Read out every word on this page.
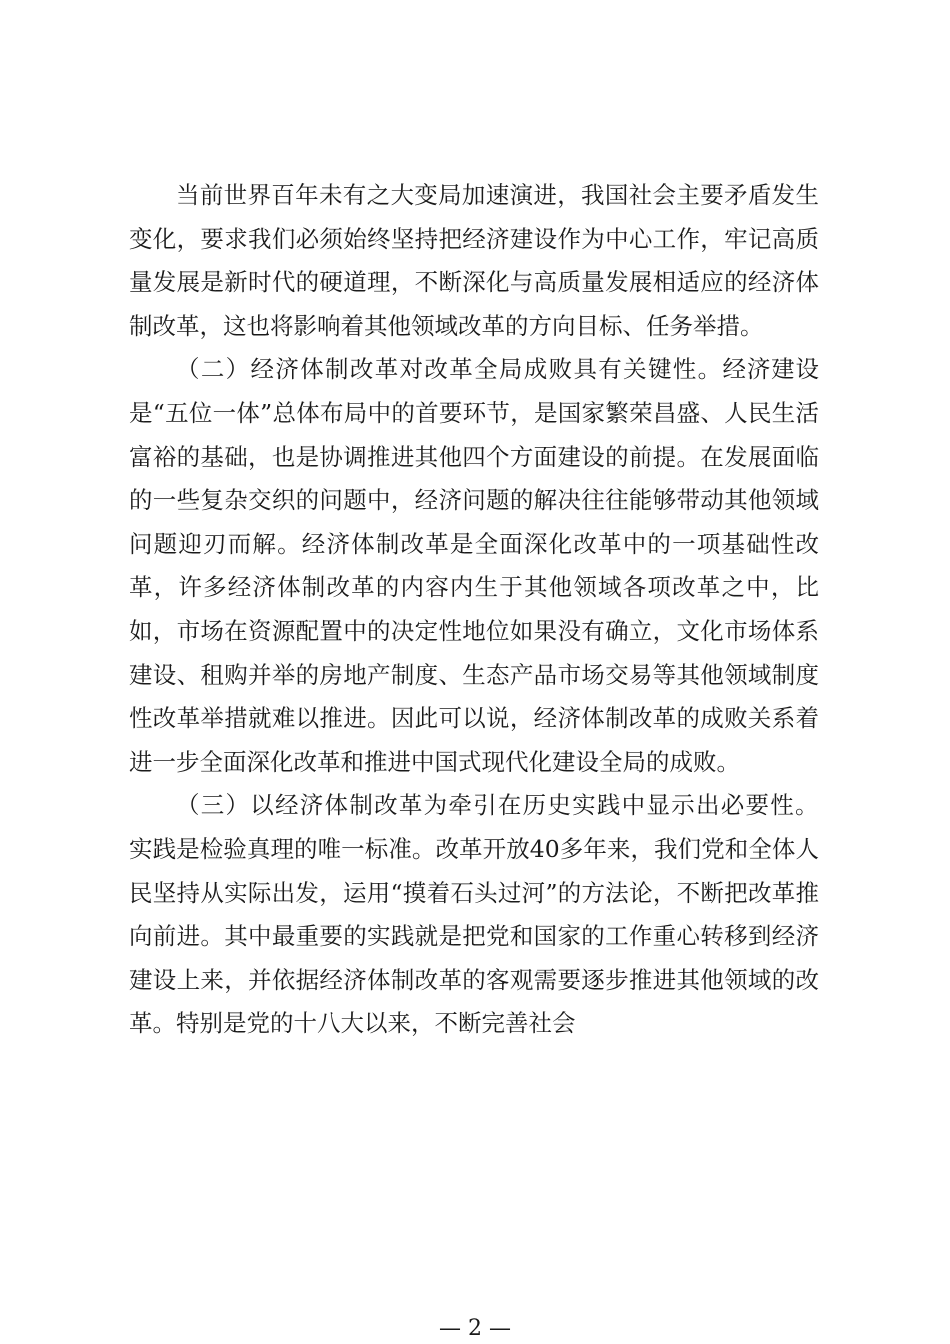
当前世界百年未有之大变局加速演进，我国社会主要矛盾发生变化，要求我们必须始终坚持把经济建设作为中心工作，牢记高质量发展是新时代的硬道理，不断深化与高质量发展相适应的经济体制改革，这也将影响着其他领域改革的方向目标、任务举措。

（二）经济体制改革对改革全局成败具有关键性。经济建设是“五位一体”总体布局中的首要环节，是国家繁荣昌盛、人民生活富裕的基础，也是协调推进其他四个方面建设的前提。在发展面临的一些复杂交织的问题中，经济问题的解决往往能够带动其他领域问题迎刃而解。经济体制改革是全面深化改革中的一项基础性改革，许多经济体制改革的内容内生于其他领域各项改革之中，比如，市场在资源配置中的决定性地位如果没有确立，文化市场体系建设、租购并举的房地产制度、生态产品市场交易等其他领域制度性改革举措就难以推进。因此可以说，经济体制改革的成败关系着进一步全面深化改革和推进中国式现代化建设全局的成败。

（三）以经济体制改革为牵引在历史实践中显示出必要性。实践是检验真理的唯一标准。改革开放40多年来，我们党和全体人民坚持从实际出发，运用“摸着石头过河”的方法论，不断把改革推向前进。其中最重要的实践就是把党和国家的工作重心转移到经济建设上来，并依据经济体制改革的客观需要逐步推进其他领域的改革。特别是党的十八大以来，不断完善社会

— 2 —
